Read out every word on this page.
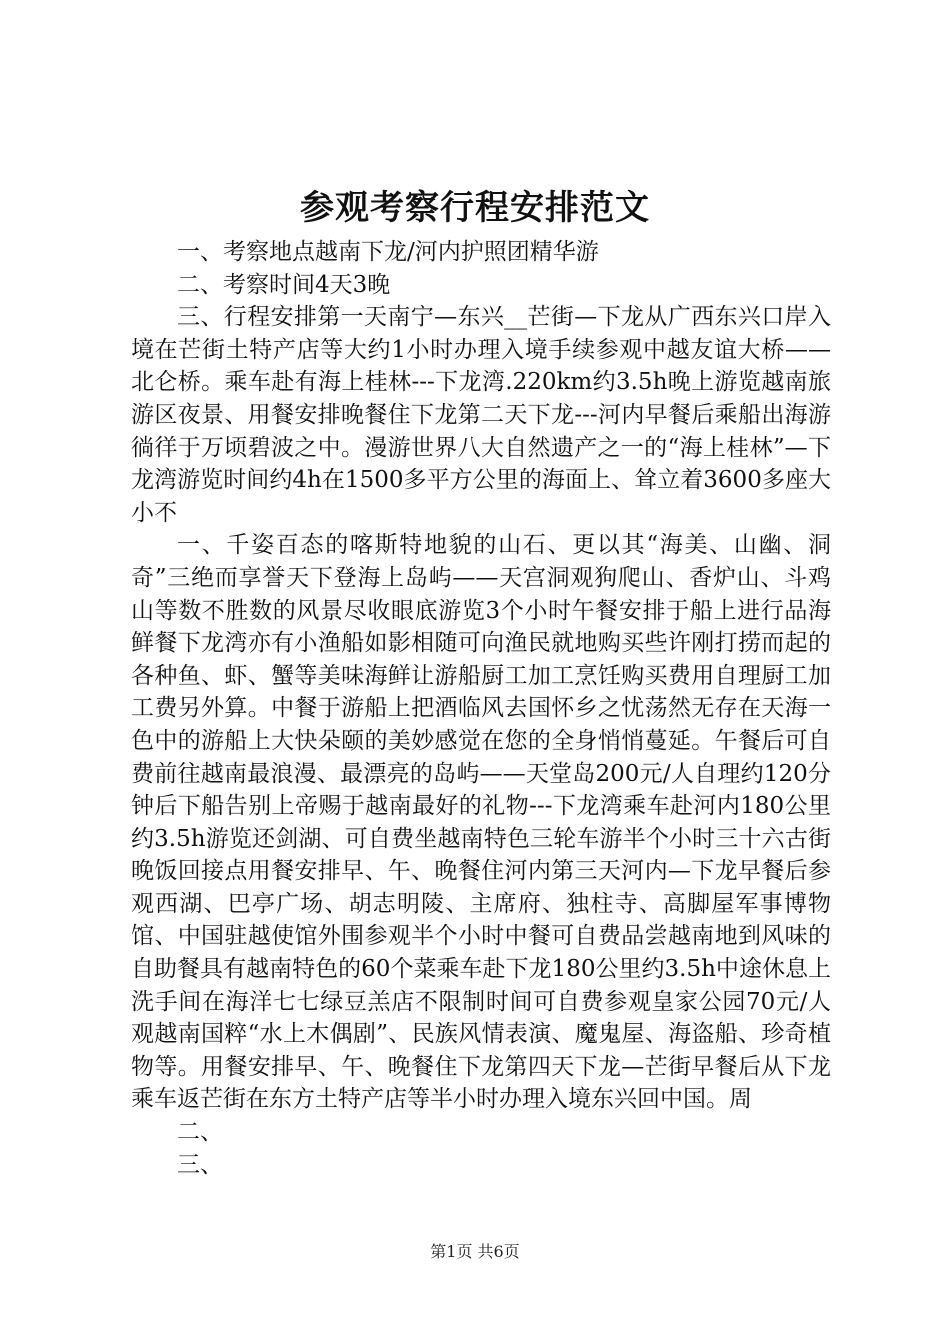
参观考察行程安排范文

一、考察地点越南下龙/河内护照团精华游

二、考察时间4天3晚

三、行程安排第一天南宁—东兴__芒街—下龙从广西东兴口岸入境在芒街土特产店等大约1小时办理入境手续参观中越友谊大桥——北仑桥。乘车赴有海上桂林---下龙湾.220km约3.5h晚上游览越南旅游区夜景、用餐安排晚餐住下龙第二天下龙---河内早餐后乘船出海游徜徉于万顷碧波之中。漫游世界八大自然遗产之一的“海上桂林”—下龙湾游览时间约4h在1500多平方公里的海面上、耸立着3600多座大小不

一、千姿百态的喀斯特地貌的山石、更以其“海美、山幽、洞奇”三绝而享誉天下登海上岛屿——天宫洞观狗爬山、香炉山、斗鸡山等数不胜数的风景尽收眼底游览3个小时午餐安排于船上进行品海鲜餐下龙湾亦有小渔船如影相随可向渔民就地购买些许刚打捞而起的各种鱼、虾、蟹等美味海鲜让游船厨工加工烹饪购买费用自理厨工加工费另外算。中餐于游船上把酒临风去国怀乡之忧荡然无存在天海一色中的游船上大快朵颐的美妙感觉在您的全身悄悄蔓延。午餐后可自费前往越南最浪漫、最漂亮的岛屿——天堂岛200元/人自理约120分钟后下船告别上帝赐于越南最好的礼物---下龙湾乘车赴河内180公里约3.5h游览还剑湖、可自费坐越南特色三轮车游半个小时三十六古街晚饭回接点用餐安排早、午、晚餐住河内第三天河内—下龙早餐后参观西湖、巴亭广场、胡志明陵、主席府、独柱寺、高脚屋军事博物馆、中国驻越使馆外围参观半个小时中餐可自费品尝越南地到风味的自助餐具有越南特色的60个菜乘车赴下龙180公里约3.5h中途休息上洗手间在海洋七七绿豆羔店不限制时间可自费参观皇家公园70元/人观越南国粹“水上木偶剧”、民族风情表演、魔鬼屋、海盗船、珍奇植物等。用餐安排早、午、晚餐住下龙第四天下龙—芒街早餐后从下龙乘车返芒街在东方土特产店等半小时办理入境东兴回中国。周

二、

三、

第1页 共6页
